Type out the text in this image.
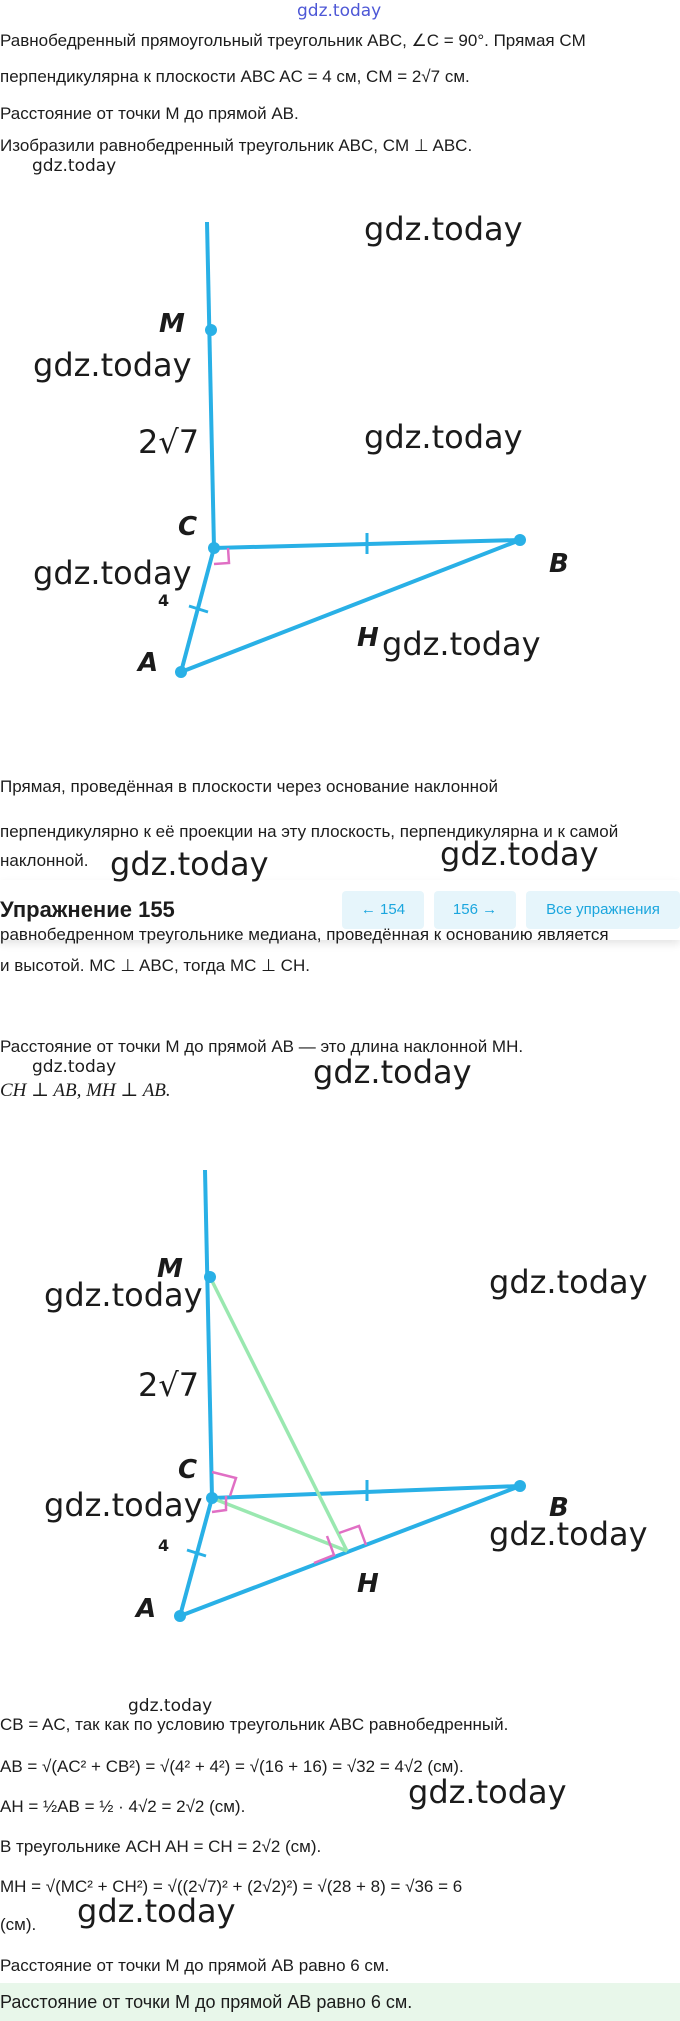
gdz.today
Равнобедренный прямоугольный треугольник ABC, ∠C = 90°. Прямая CM
перпендикулярна к плоскости ABC AC = 4 см, CM = 2√7 см.
Расстояние от точки M до прямой AB.
Изобразили равнобедренный треугольник ABC, CM ⊥ ABC.
gdz.today
M
C
B
A
H
2√7
4
gdz.today
gdz.today
gdz.today
gdz.today
gdz.today
Прямая, проведённая в плоскости через основание наклонной
перпендикулярно к её проекции на эту плоскость, перпендикулярна и к самой
наклонной.	gdz.today
Упражнение 155	← 154	156 →	Все упражнения
gdz.today
равнобедренном треугольнике медиана, проведённая к основанию является
и высотой. MC ⊥ ABC, тогда MC ⊥ CH.
Расстояние от точки M до прямой AB — это длина наклонной MH.
gdz.today	gdz.today
CH ⊥ AB, MH ⊥ AB.
M
C
B
A
H
2√7
4
gdz.today
gdz.today
gdz.today
gdz.today
gdz.today
CB = AC, так как по условию треугольник ABC равнобедренный.
AB = √(AC² + CB²) = √(4² + 4²) = √(16 + 16) = √32 = 4√2 (см).
gdz.today
AH = ½AB = ½ · 4√2 = 2√2 (см).
В треугольнике ACH AH = CH = 2√2 (см).
MH = √(MC² + CH²) = √((2√7)² + (2√2)²) = √(28 + 8) = √36 = 6
(см). gdz.today
Расстояние от точки M до прямой AB равно 6 см.
Расстояние от точки M до прямой AB равно 6 см.
